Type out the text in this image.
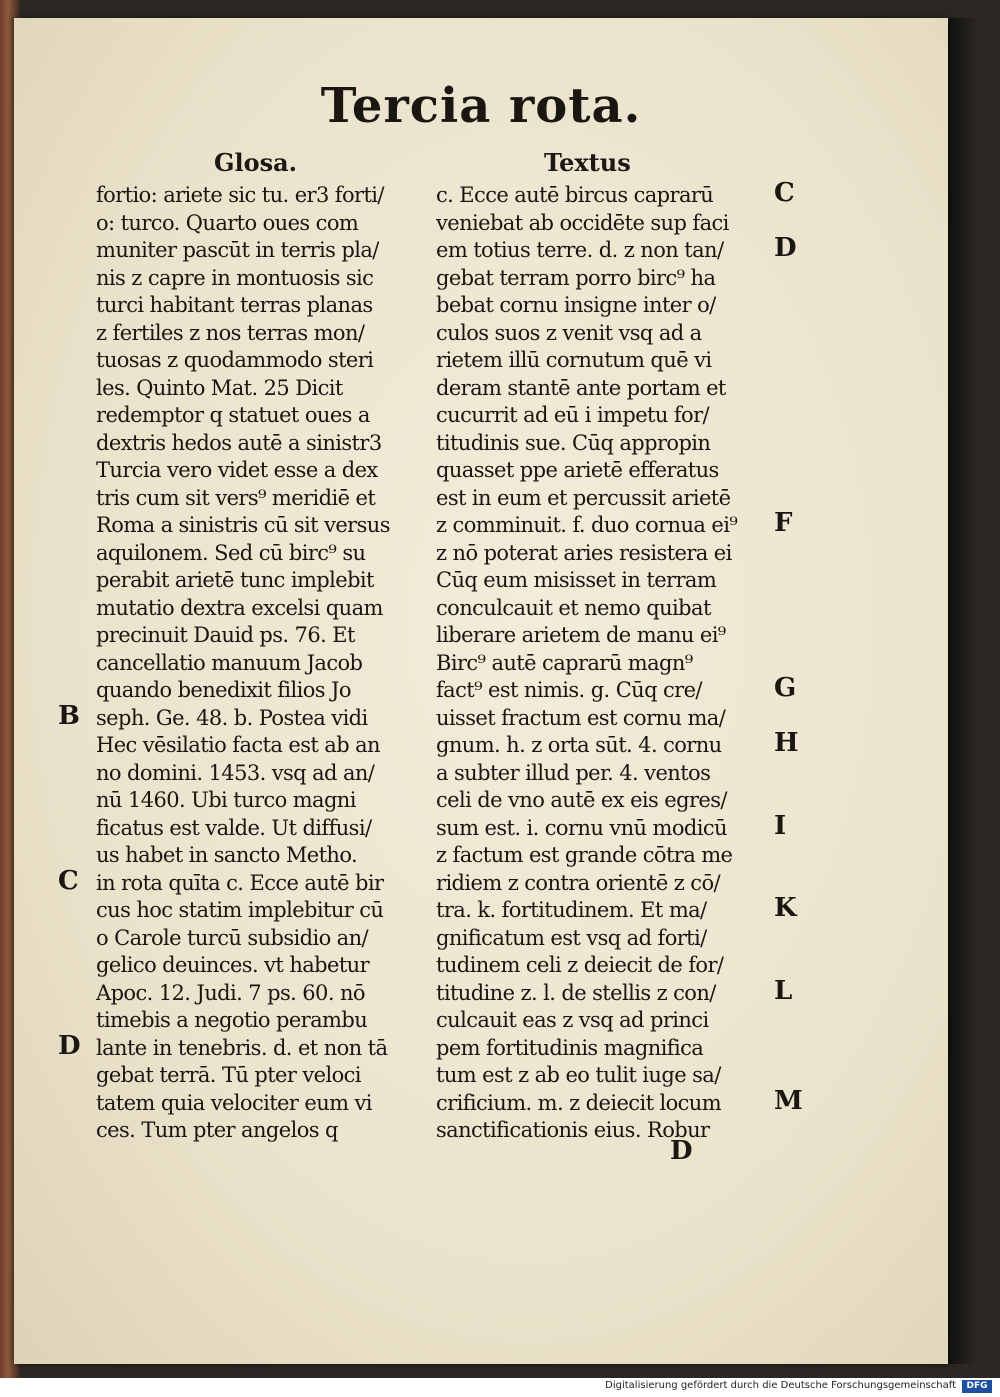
Tercia rota.
Glosa.	Textus
fortio: ariete sic tu. er3 forti/
o: turco. Quarto oues com
muniter pascūt in terris pla/
nis z capre in montuosis sic
turci habitant terras planas
z fertiles z nos terras mon/
tuosas z quodammodo steri
les. Quinto Mat. 25 Dicit
redemptor q statuet oues a
dextris hedos autē a sinistr3
Turcia vero videt esse a dex
tris cum sit vers⁹ meridiē et
Roma a sinistris cū sit versus
aquilonem. Sed cū birc⁹ su
perabit arietē tunc implebit
mutatio dextra excelsi quam
precinuit Dauid ps. 76. Et
cancellatio manuum Jacob
quando benedixit filios Jo
seph. Ge. 48. b. Postea vidi
Hec vēsilatio facta est ab an
no domini. 1453. vsq ad an/
nū 1460. Ubi turco magni
ficatus est valde. Ut diffusi/
us habet in sancto Metho.
in rota quīta c. Ecce autē bir
cus hoc statim implebitur cū
o Carole turcū subsidio an/
gelico deuinces. vt habetur
Apoc. 12. Judi. 7 ps. 60. nō
timebis a negotio perambu
lante in tenebris. d. et non tā
gebat terrā. Tū pter veloci
tatem quia velociter eum vi
ces. Tum pter angelos q
c. Ecce autē bircus caprarū
veniebat ab occidēte sup faci
em totius terre. d. z non tan/
gebat terram porro birc⁹ ha
bebat cornu insigne inter o/
culos suos z venit vsq ad a
rietem illū cornutum quē vi
deram stantē ante portam et
cucurrit ad eū i impetu for/
titudinis sue. Cūq appropin
quasset ppe arietē efferatus
est in eum et percussit arietē
z comminuit. f. duo cornua ei⁹
z nō poterat aries resistera ei
Cūq eum misisset in terram
conculcauit et nemo quibat
liberare arietem de manu ei⁹
Birc⁹ autē caprarū magn⁹
fact⁹ est nimis. g. Cūq cre/
uisset fractum est cornu ma/
gnum. h. z orta sūt. 4. cornu
a subter illud per. 4. ventos
celi de vno autē ex eis egres/
sum est. i. cornu vnū modicū
z factum est grande cōtra me
ridiem z contra orientē z cō/
tra. k. fortitudinem. Et ma/
gnificatum est vsq ad forti/
tudinem celi z deiecit de for/
titudine z. l. de stellis z con/
culcauit eas z vsq ad princi
pem fortitudinis magnifica
tum est z ab eo tulit iuge sa/
crificium. m. z deiecit locum
sanctificationis eius. Robur
B
C
D
C
D
F
G
H
I
K
L
M
D
Digitalisierung gefördert durch die Deutsche Forschungsgemeinschaft	DFG
